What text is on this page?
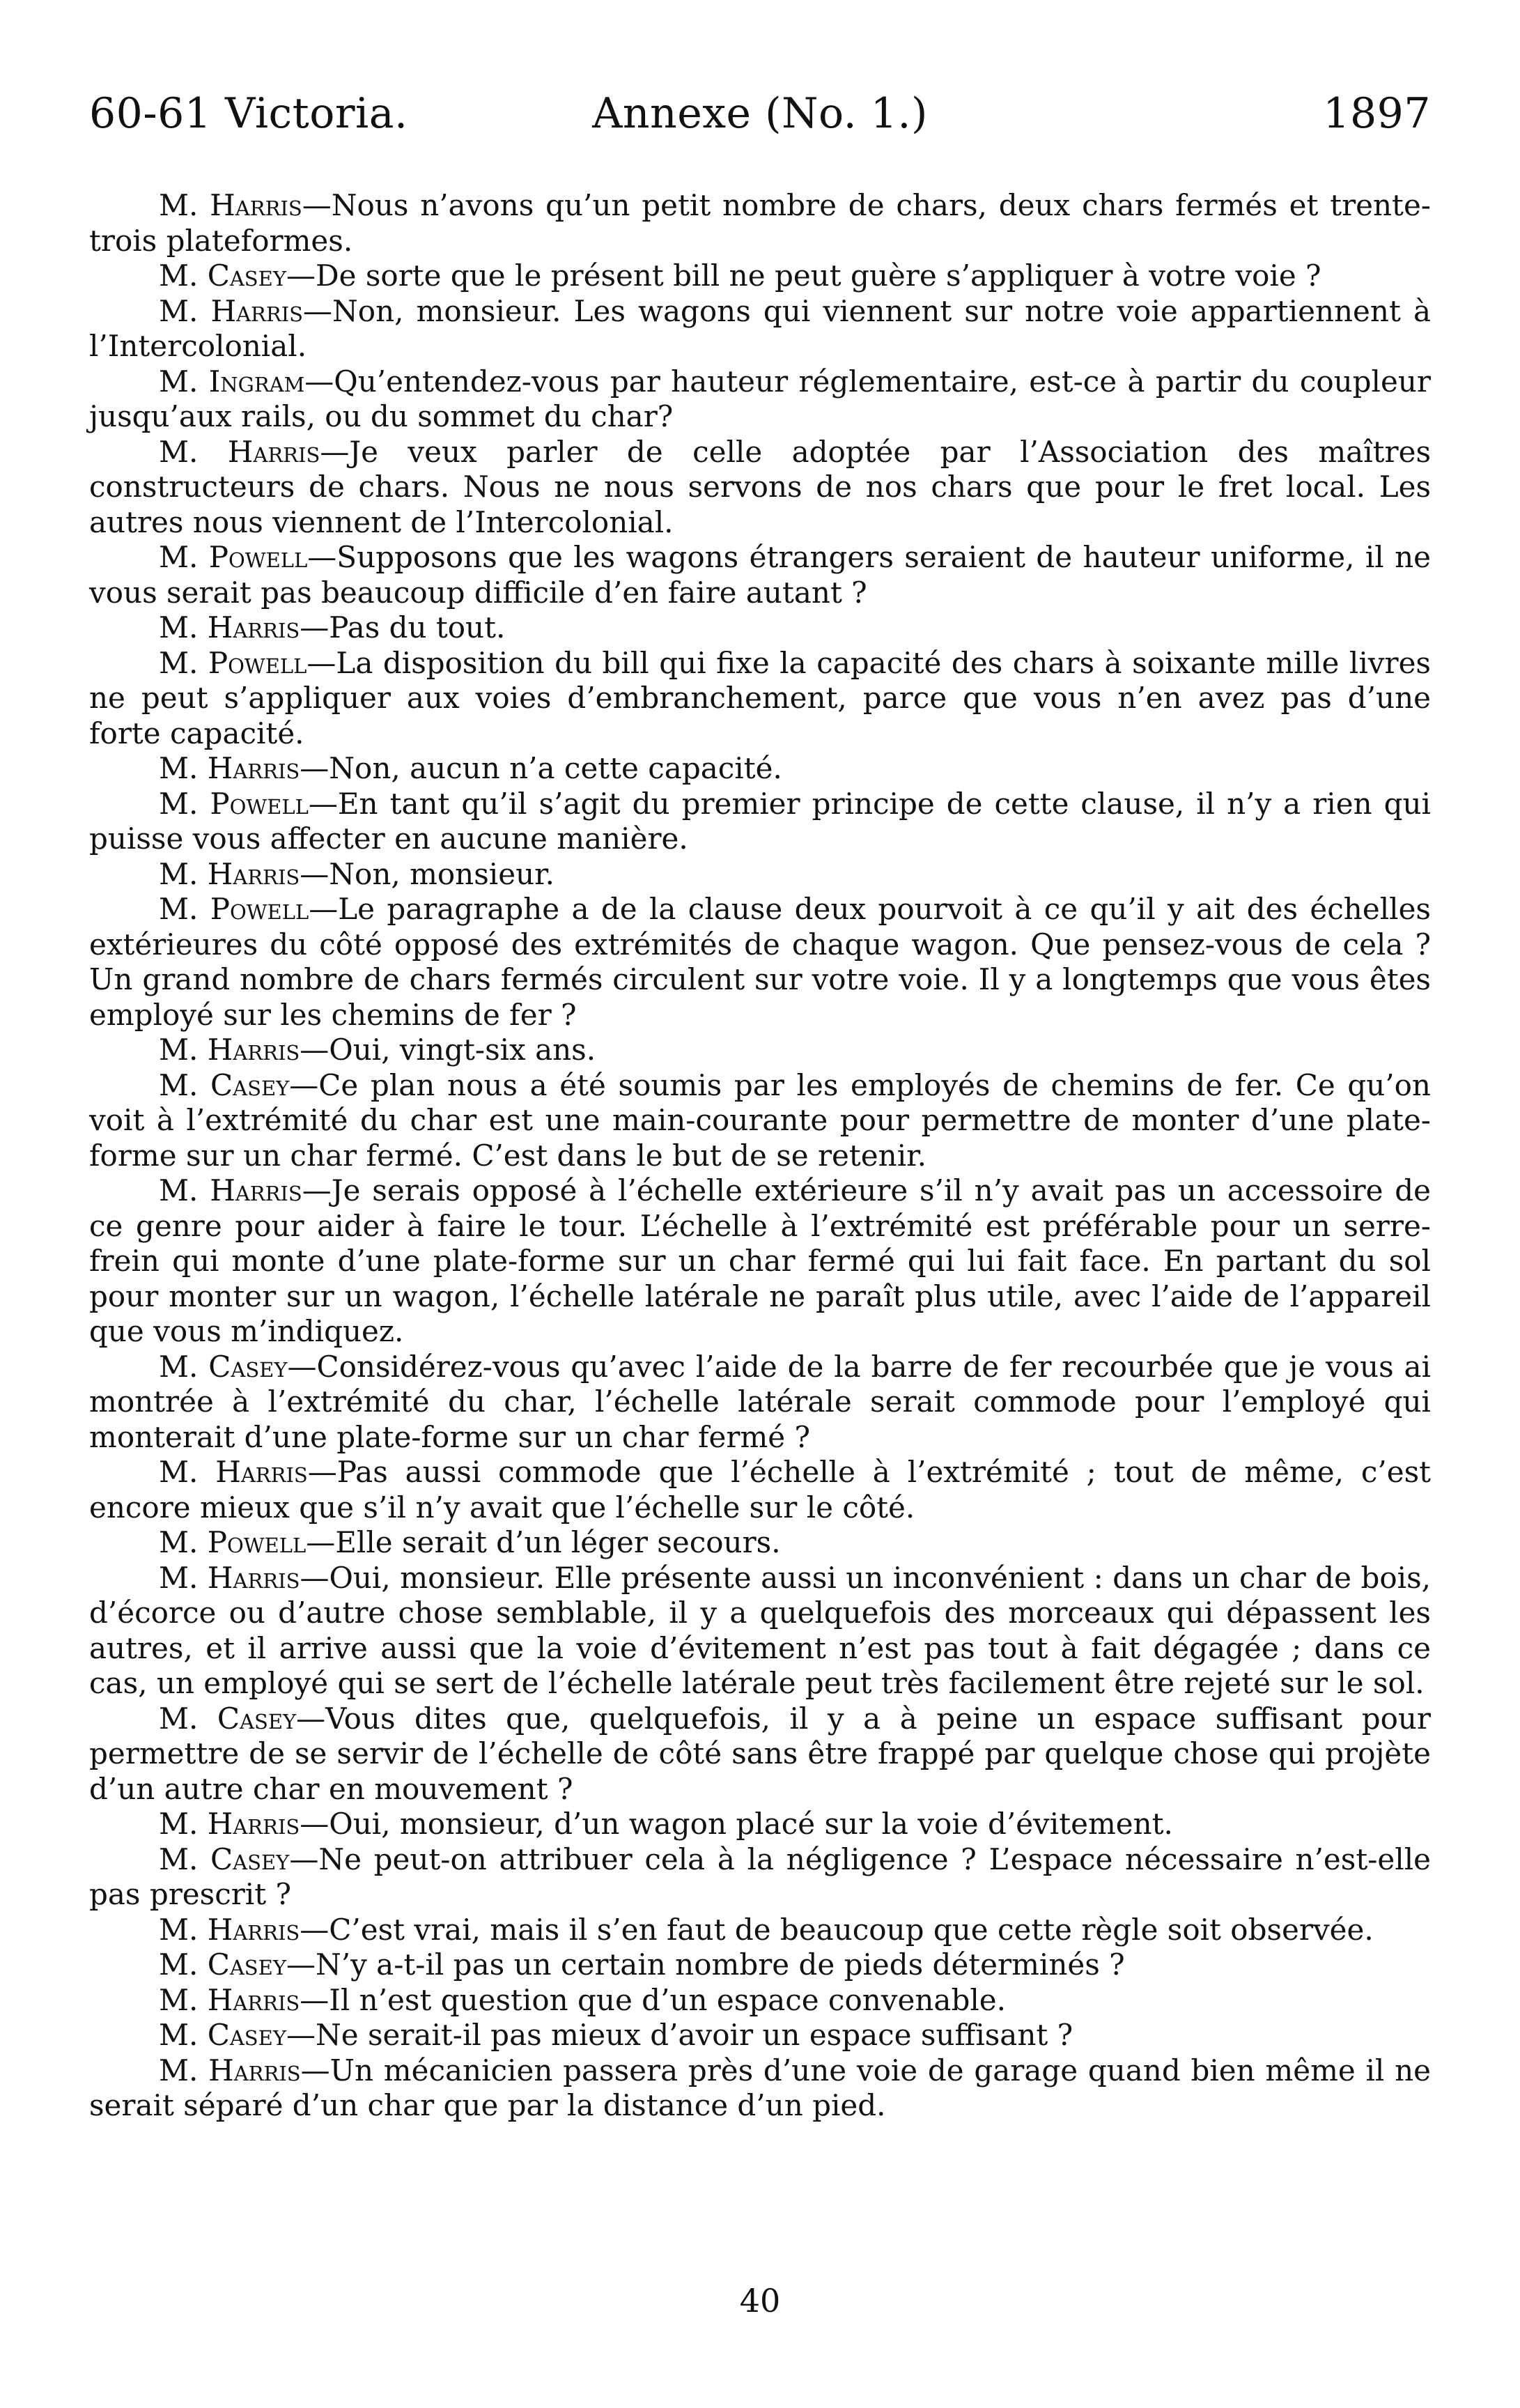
60-61 Victoria.	Annexe (No. 1.)	1897

M. Harris—Nous n’avons qu’un petit nombre de chars, deux chars fermés et trente-trois plateformes.

M. Casey—De sorte que le présent bill ne peut guère s’appliquer à votre voie ?

M. Harris—Non, monsieur. Les wagons qui viennent sur notre voie appartiennent à l’Intercolonial.

M. Ingram—Qu’entendez-vous par hauteur réglementaire, est-ce à partir du coupleur jusqu’aux rails, ou du sommet du char?

M. Harris—Je veux parler de celle adoptée par l’Association des maîtres constructeurs de chars. Nous ne nous servons de nos chars que pour le fret local. Les autres nous viennent de l’Intercolonial.

M. Powell—Supposons que les wagons étrangers seraient de hauteur uniforme, il ne vous serait pas beaucoup difficile d’en faire autant ?

M. Harris—Pas du tout.

M. Powell—La disposition du bill qui fixe la capacité des chars à soixante mille livres ne peut s’appliquer aux voies d’embranchement, parce que vous n’en avez pas d’une forte capacité.

M. Harris—Non, aucun n’a cette capacité.

M. Powell—En tant qu’il s’agit du premier principe de cette clause, il n’y a rien qui puisse vous affecter en aucune manière.

M. Harris—Non, monsieur.

M. Powell—Le paragraphe a de la clause deux pourvoit à ce qu’il y ait des échelles extérieures du côté opposé des extrémités de chaque wagon. Que pensez-vous de cela ? Un grand nombre de chars fermés circulent sur votre voie. Il y a longtemps que vous êtes employé sur les chemins de fer ?

M. Harris—Oui, vingt-six ans.

M. Casey—Ce plan nous a été soumis par les employés de chemins de fer. Ce qu’on voit à l’extrémité du char est une main-courante pour permettre de monter d’une plate-forme sur un char fermé. C’est dans le but de se retenir.

M. Harris—Je serais opposé à l’échelle extérieure s’il n’y avait pas un accessoire de ce genre pour aider à faire le tour. L’échelle à l’extrémité est préférable pour un serre-frein qui monte d’une plate-forme sur un char fermé qui lui fait face. En partant du sol pour monter sur un wagon, l’échelle latérale ne paraît plus utile, avec l’aide de l’appareil que vous m’indiquez.

M. Casey—Considérez-vous qu’avec l’aide de la barre de fer recourbée que je vous ai montrée à l’extrémité du char, l’échelle latérale serait commode pour l’employé qui monterait d’une plate-forme sur un char fermé ?

M. Harris—Pas aussi commode que l’échelle à l’extrémité ; tout de même, c’est encore mieux que s’il n’y avait que l’échelle sur le côté.

M. Powell—Elle serait d’un léger secours.

M. Harris—Oui, monsieur. Elle présente aussi un inconvénient : dans un char de bois, d’écorce ou d’autre chose semblable, il y a quelquefois des morceaux qui dépassent les autres, et il arrive aussi que la voie d’évitement n’est pas tout à fait dégagée ; dans ce cas, un employé qui se sert de l’échelle latérale peut très facilement être rejeté sur le sol.

M. Casey—Vous dites que, quelquefois, il y a à peine un espace suffisant pour permettre de se servir de l’échelle de côté sans être frappé par quelque chose qui projète d’un autre char en mouvement ?

M. Harris—Oui, monsieur, d’un wagon placé sur la voie d’évitement.

M. Casey—Ne peut-on attribuer cela à la négligence ? L’espace nécessaire n’est-elle pas prescrit ?

M. Harris—C’est vrai, mais il s’en faut de beaucoup que cette règle soit observée.

M. Casey—N’y a-t-il pas un certain nombre de pieds déterminés ?

M. Harris—Il n’est question que d’un espace convenable.

M. Casey—Ne serait-il pas mieux d’avoir un espace suffisant ?

M. Harris—Un mécanicien passera près d’une voie de garage quand bien même il ne serait séparé d’un char que par la distance d’un pied.

40
